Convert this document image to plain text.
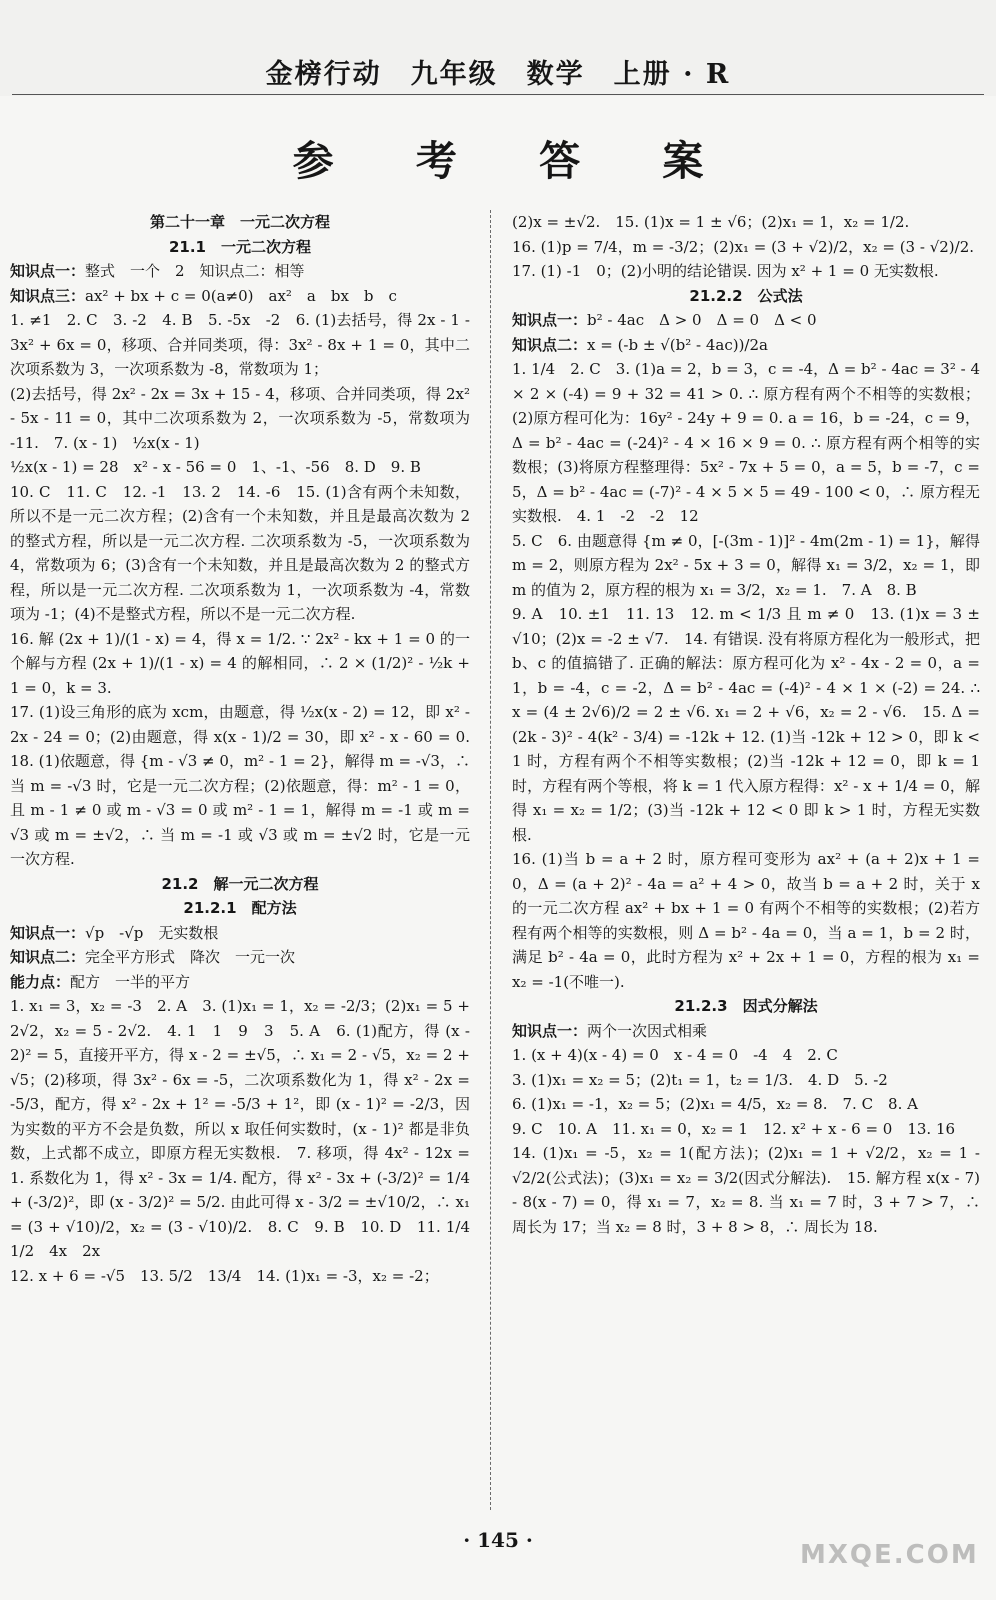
金榜行动　九年级　数学　上册 · R
参 考 答 案
第二十一章　一元二次方程
21.1　一元二次方程
知识点一：整式　一个　2　知识点二：相等
知识点三：ax² + bx + c = 0(a≠0)　ax²　a　bx　b　c
1. ≠1　2. C　3. -2　4. B　5. -5x　-2　6. (1)去括号，得 2x - 1 - 3x² + 6x = 0，移项、合并同类项，得：3x² - 8x + 1 = 0，其中二次项系数为 3，一次项系数为 -8，常数项为 1；
(2)去括号，得 2x² - 2x = 3x + 15 - 4，移项、合并同类项，得 2x² - 5x - 11 = 0，其中二次项系数为 2，一次项系数为 -5，常数项为 -11.　7. (x - 1)　½x(x - 1)
½x(x - 1) = 28　x² - x - 56 = 0　1、-1、-56　8. D　9. B
10. C　11. C　12. -1　13. 2　14. -6　15. (1)含有两个未知数，所以不是一元二次方程；(2)含有一个未知数，并且是最高次数为 2 的整式方程，所以是一元二次方程. 二次项系数为 -5，一次项系数为 4，常数项为 6；(3)含有一个未知数，并且是最高次数为 2 的整式方程，所以是一元二次方程. 二次项系数为 1，一次项系数为 -4，常数项为 -1；(4)不是整式方程，所以不是一元二次方程.
16. 解 (2x + 1)/(1 - x) = 4，得 x = 1/2. ∵ 2x² - kx + 1 = 0 的一个解与方程 (2x + 1)/(1 - x) = 4 的解相同，∴ 2 × (1/2)² - ½k + 1 = 0，k = 3.
17. (1)设三角形的底为 xcm，由题意，得 ½x(x - 2) = 12，即 x² - 2x - 24 = 0；(2)由题意，得 x(x - 1)/2 = 30，即 x² - x - 60 = 0.　18. (1)依题意，得 {m - √3 ≠ 0，m² - 1 = 2}，解得 m = -√3，∴ 当 m = -√3 时，它是一元二次方程；(2)依题意，得：m² - 1 = 0，且 m - 1 ≠ 0 或 m - √3 = 0 或 m² - 1 = 1，解得 m = -1 或 m = √3 或 m = ±√2，∴ 当 m = -1 或 √3 或 m = ±√2 时，它是一元一次方程.
21.2　解一元二次方程
21.2.1　配方法
知识点一：√p　-√p　无实数根
知识点二：完全平方形式　降次　一元一次
能力点：配方　一半的平方
1. x₁ = 3，x₂ = -3　2. A　3. (1)x₁ = 1，x₂ = -2/3；(2)x₁ = 5 + 2√2，x₂ = 5 - 2√2.　4. 1　1　9　3　5. A　6. (1)配方，得 (x - 2)² = 5，直接开平方，得 x - 2 = ±√5，∴ x₁ = 2 - √5，x₂ = 2 + √5；(2)移项，得 3x² - 6x = -5，二次项系数化为 1，得 x² - 2x = -5/3，配方，得 x² - 2x + 1² = -5/3 + 1²，即 (x - 1)² = -2/3，因为实数的平方不会是负数，所以 x 取任何实数时，(x - 1)² 都是非负数，上式都不成立，即原方程无实数根.　7. 移项，得 4x² - 12x = 1. 系数化为 1，得 x² - 3x = 1/4. 配方，得 x² - 3x + (-3/2)² = 1/4 + (-3/2)²，即 (x - 3/2)² = 5/2. 由此可得 x - 3/2 = ±√10/2，∴ x₁ = (3 + √10)/2，x₂ = (3 - √10)/2.　8. C　9. B　10. D　11. 1/4　1/2　4x　2x
12. x + 6 = -√5　13. 5/2　13/4　14. (1)x₁ = -3，x₂ = -2；
(2)x = ±√2.　15. (1)x = 1 ± √6；(2)x₁ = 1，x₂ = 1/2.
16. (1)p = 7/4，m = -3/2；(2)x₁ = (3 + √2)/2，x₂ = (3 - √2)/2.
17. (1) -1　0；(2)小明的结论错误. 因为 x² + 1 = 0 无实数根.
21.2.2　公式法
知识点一：b² - 4ac　Δ > 0　Δ = 0　Δ < 0
知识点二：x = (-b ± √(b² - 4ac))/2a
1. 1/4　2. C　3. (1)a = 2，b = 3，c = -4，Δ = b² - 4ac = 3² - 4 × 2 × (-4) = 9 + 32 = 41 > 0. ∴ 原方程有两个不相等的实数根；(2)原方程可化为：16y² - 24y + 9 = 0. a = 16，b = -24，c = 9，Δ = b² - 4ac = (-24)² - 4 × 16 × 9 = 0. ∴ 原方程有两个相等的实数根；(3)将原方程整理得：5x² - 7x + 5 = 0，a = 5，b = -7，c = 5，Δ = b² - 4ac = (-7)² - 4 × 5 × 5 = 49 - 100 < 0，∴ 原方程无实数根.　4. 1　-2　-2　12
5. C　6. 由题意得 {m ≠ 0，[-(3m - 1)]² - 4m(2m - 1) = 1}，解得 m = 2，则原方程为 2x² - 5x + 3 = 0，解得 x₁ = 3/2，x₂ = 1，即 m 的值为 2，原方程的根为 x₁ = 3/2，x₂ = 1.　7. A　8. B
9. A　10. ±1　11. 13　12. m < 1/3 且 m ≠ 0　13. (1)x = 3 ± √10；(2)x = -2 ± √7.　14. 有错误. 没有将原方程化为一般形式，把 b、c 的值搞错了. 正确的解法：原方程可化为 x² - 4x - 2 = 0，a = 1，b = -4，c = -2，Δ = b² - 4ac = (-4)² - 4 × 1 × (-2) = 24. ∴ x = (4 ± 2√6)/2 = 2 ± √6. x₁ = 2 + √6，x₂ = 2 - √6.　15. Δ = (2k - 3)² - 4(k² - 3/4) = -12k + 12. (1)当 -12k + 12 > 0，即 k < 1 时，方程有两个不相等实数根；(2)当 -12k + 12 = 0，即 k = 1 时，方程有两个等根，将 k = 1 代入原方程得：x² - x + 1/4 = 0，解得 x₁ = x₂ = 1/2；(3)当 -12k + 12 < 0 即 k > 1 时，方程无实数根.
16. (1)当 b = a + 2 时，原方程可变形为 ax² + (a + 2)x + 1 = 0，Δ = (a + 2)² - 4a = a² + 4 > 0，故当 b = a + 2 时，关于 x 的一元二次方程 ax² + bx + 1 = 0 有两个不相等的实数根；(2)若方程有两个相等的实数根，则 Δ = b² - 4a = 0，当 a = 1，b = 2 时，满足 b² - 4a = 0，此时方程为 x² + 2x + 1 = 0，方程的根为 x₁ = x₂ = -1(不唯一).
21.2.3　因式分解法
知识点一：两个一次因式相乘
1. (x + 4)(x - 4) = 0　x - 4 = 0　-4　4　2. C
3. (1)x₁ = x₂ = 5；(2)t₁ = 1，t₂ = 1/3.　4. D　5. -2
6. (1)x₁ = -1，x₂ = 5；(2)x₁ = 4/5，x₂ = 8.　7. C　8. A
9. C　10. A　11. x₁ = 0，x₂ = 1　12. x² + x - 6 = 0　13. 16
14. (1)x₁ = -5，x₂ = 1(配方法)；(2)x₁ = 1 + √2/2，x₂ = 1 - √2/2(公式法)；(3)x₁ = x₂ = 3/2(因式分解法).　15. 解方程 x(x - 7) - 8(x - 7) = 0，得 x₁ = 7，x₂ = 8. 当 x₁ = 7 时，3 + 7 > 7，∴ 周长为 17；当 x₂ = 8 时，3 + 8 > 8，∴ 周长为 18.
· 145 ·	MXQE.COM
